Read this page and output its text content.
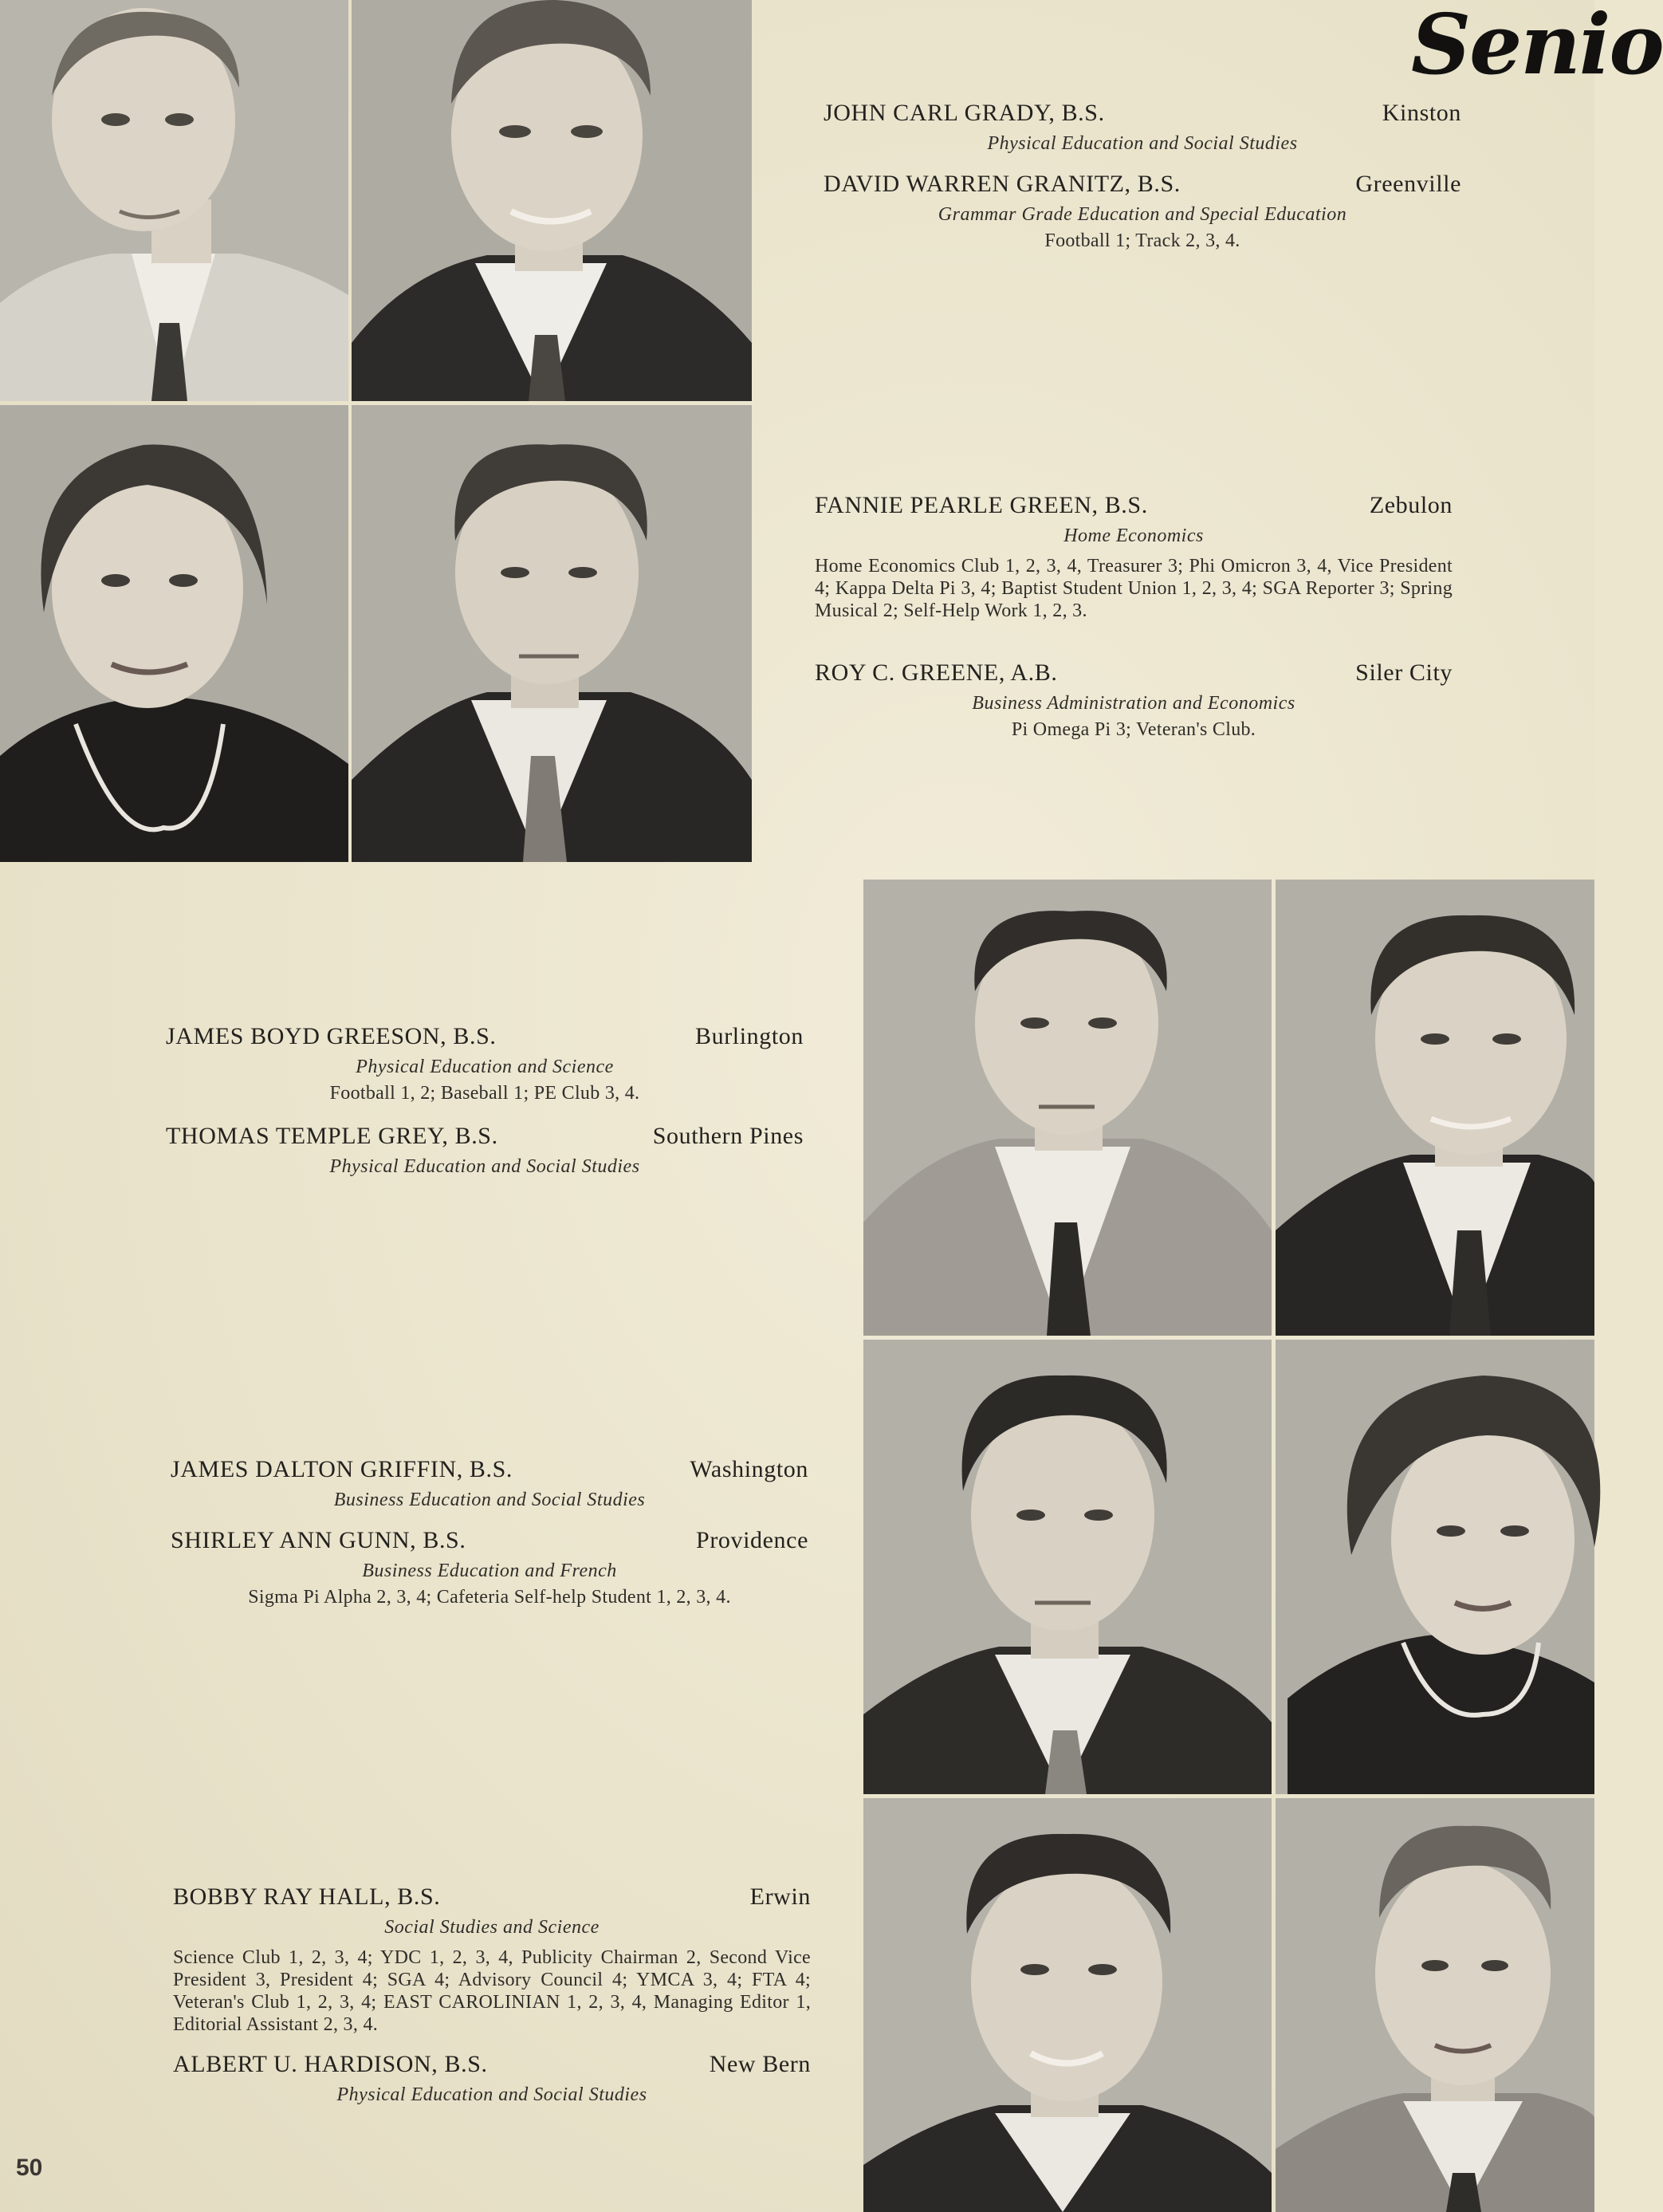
Senio
JOHN CARL GRADY, B.S.	Kinston
Physical Education and Social Studies
DAVID WARREN GRANITZ, B.S.	Greenville
Grammar Grade Education and Special Education
Football 1; Track 2, 3, 4.
FANNIE PEARLE GREEN, B.S.	Zebulon
Home Economics
Home Economics Club 1, 2, 3, 4, Treasurer 3; Phi Omicron 3, 4, Vice President 4; Kappa Delta Pi 3, 4; Baptist Student Union 1, 2, 3, 4; SGA Reporter 3; Spring Musical 2; Self-Help Work 1, 2, 3.
ROY C. GREENE, A.B.	Siler City
Business Administration and Economics
Pi Omega Pi 3; Veteran's Club.
JAMES BOYD GREESON, B.S.	Burlington
Physical Education and Science
Football 1, 2; Baseball 1; PE Club 3, 4.
THOMAS TEMPLE GREY, B.S.	Southern Pines
Physical Education and Social Studies
JAMES DALTON GRIFFIN, B.S.	Washington
Business Education and Social Studies
SHIRLEY ANN GUNN, B.S.	Providence
Business Education and French
Sigma Pi Alpha 2, 3, 4; Cafeteria Self-help Student 1, 2, 3, 4.
BOBBY RAY HALL, B.S.	Erwin
Social Studies and Science
Science Club 1, 2, 3, 4; YDC 1, 2, 3, 4, Publicity Chairman 2, Second Vice President 3, President 4; SGA 4; Advisory Council 4; YMCA 3, 4; FTA 4; Veteran's Club 1, 2, 3, 4; EAST CAROLINIAN 1, 2, 3, 4, Managing Editor 1, Editorial Assistant 2, 3, 4.
ALBERT U. HARDISON, B.S.	New Bern
Physical Education and Social Studies
50
